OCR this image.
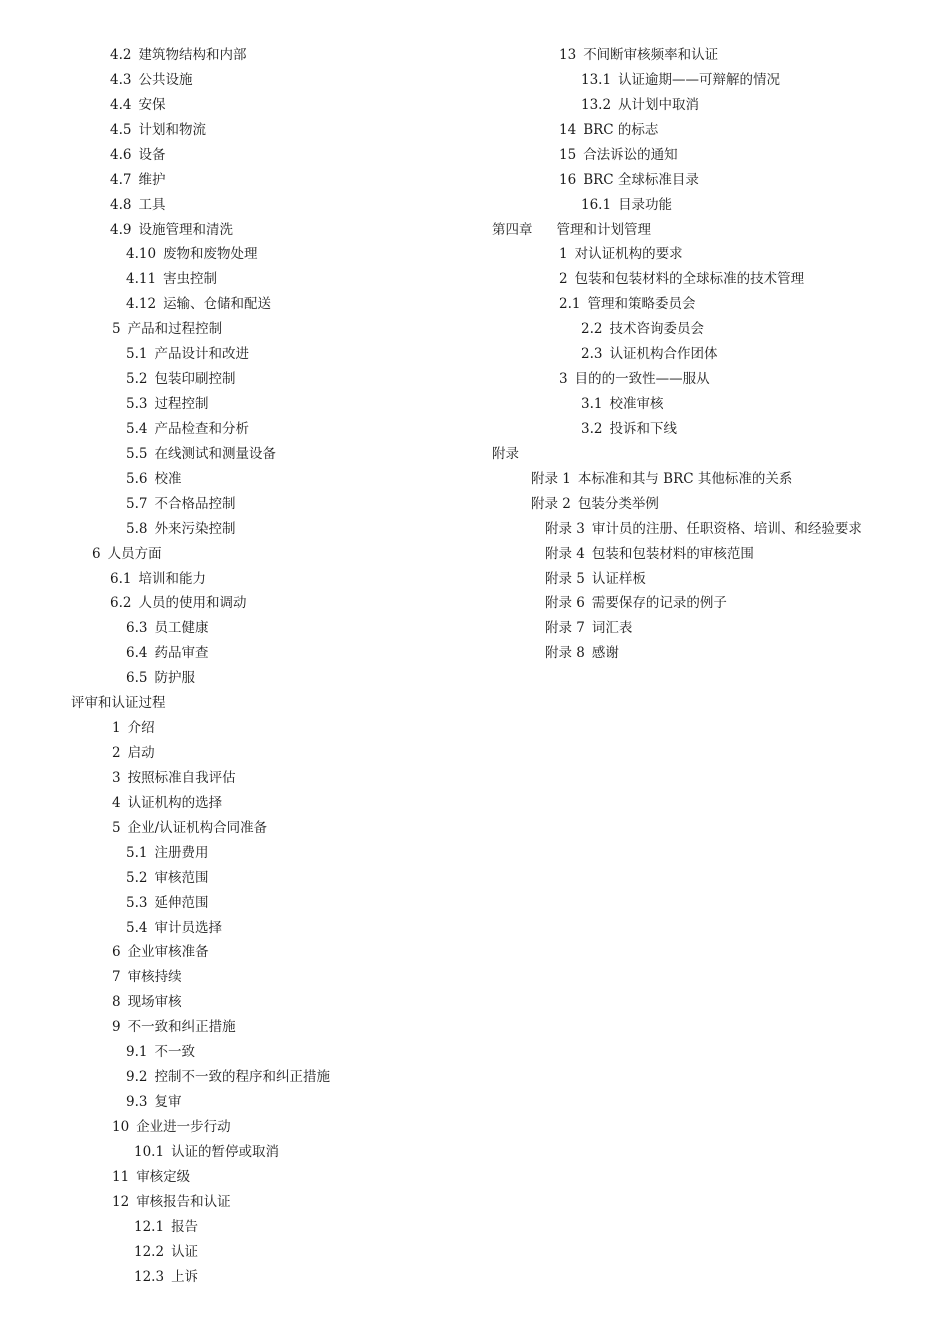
4.2 建筑物结构和内部
4.3 公共设施
4.4 安保
4.5 计划和物流
4.6 设备
4.7 维护
4.8 工具
4.9 设施管理和清洗
4.10 废物和废物处理
4.11 害虫控制
4.12 运输、仓储和配送
5 产品和过程控制
5.1 产品设计和改进
5.2 包装印刷控制
5.3 过程控制
5.4 产品检查和分析
5.5 在线测试和测量设备
5.6 校准
5.7 不合格品控制
5.8 外来污染控制
6 人员方面
6.1 培训和能力
6.2 人员的使用和调动
6.3 员工健康
6.4 药品审查
6.5 防护服
评审和认证过程
1 介绍
2 启动
3 按照标准自我评估
4 认证机构的选择
5 企业/认证机构合同准备
5.1 注册费用
5.2 审核范围
5.3 延伸范围
5.4 审计员选择
6 企业审核准备
7 审核持续
8 现场审核
9 不一致和纠正措施
9.1 不一致
9.2 控制不一致的程序和纠正措施
9.3 复审
10 企业进一步行动
10.1 认证的暂停或取消
11 审核定级
12 审核报告和认证
12.1 报告
12.2 认证
12.3 上诉
13 不间断审核频率和认证
13.1 认证逾期——可辩解的情况
13.2 从计划中取消
14 BRC 的标志
15 合法诉讼的通知
16 BRC 全球标准目录
16.1 目录功能
第四章 管理和计划管理
1 对认证机构的要求
2 包装和包装材料的全球标准的技术管理
2.1 管理和策略委员会
2.2 技术咨询委员会
2.3 认证机构合作团体
3 目的的一致性——服从
3.1 校准审核
3.2 投诉和下线
附录
附录 1 本标准和其与 BRC 其他标准的关系
附录 2 包装分类举例
附录 3 审计员的注册、任职资格、培训、和经验要求
附录 4 包装和包装材料的审核范围
附录 5 认证样板
附录 6 需要保存的记录的例子
附录 7 词汇表
附录 8 感谢
